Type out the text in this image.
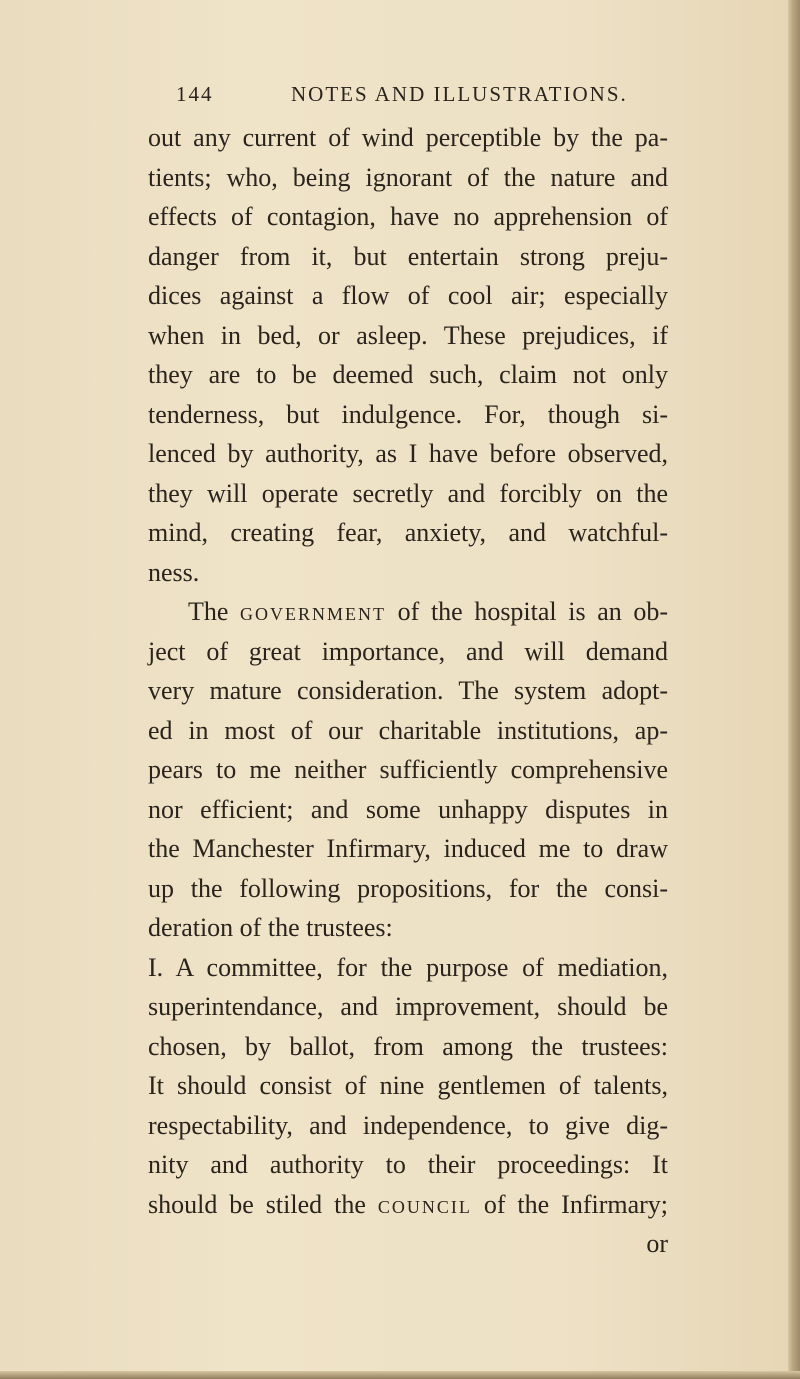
144	NOTES AND ILLUSTRATIONS.
out any current of wind perceptible by the pa-
tients; who, being ignorant of the nature and
effects of contagion, have no apprehension of
danger from it, but entertain strong preju-
dices against a flow of cool air; especially
when in bed, or asleep. These prejudices, if
they are to be deemed such, claim not only
tenderness, but indulgence. For, though si-
lenced by authority, as I have before observed,
they will operate secretly and forcibly on the
mind, creating fear, anxiety, and watchful-
ness.
The GOVERNMENT of the hospital is an ob-
ject of great importance, and will demand
very mature consideration. The system adopt-
ed in most of our charitable institutions, ap-
pears to me neither sufficiently comprehensive
nor efficient; and some unhappy disputes in
the Manchester Infirmary, induced me to draw
up the following propositions, for the consi-
deration of the trustees:
I. A committee, for the purpose of mediation,
superintendance, and improvement, should be
chosen, by ballot, from among the trustees:
It should consist of nine gentlemen of talents,
respectability, and independence, to give dig-
nity and authority to their proceedings: It
should be stiled the COUNCIL of the Infirmary;
or
